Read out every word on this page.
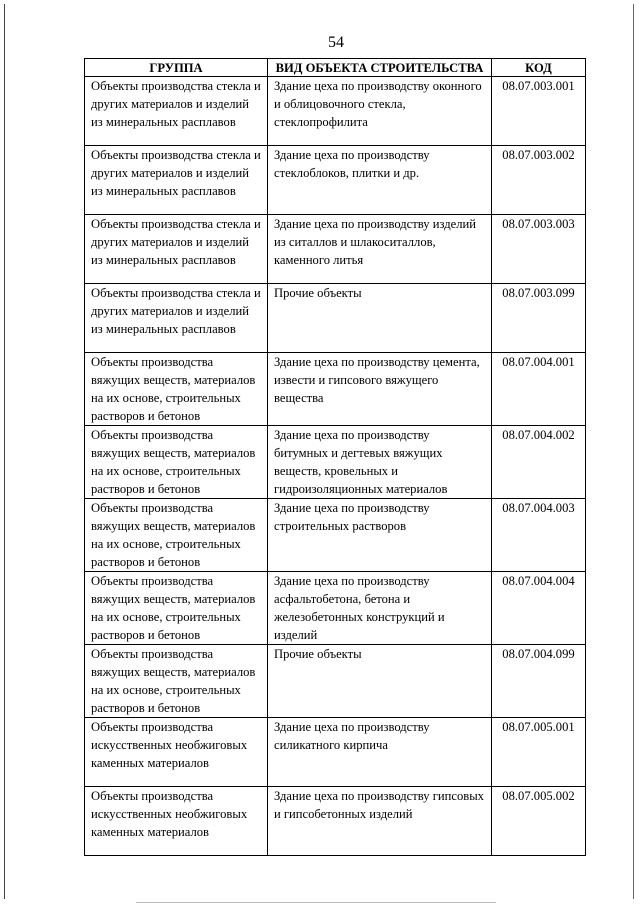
54
ГРУППА	ВИД ОБЪЕКТА СТРОИТЕЛЬСТВА	КОД
Объекты производства стекла и других материалов и изделий из минеральных расплавов	Здание цеха по производству оконного и облицовочного стекла, стеклопрофилита	08.07.003.001
Объекты производства стекла и других материалов и изделий из минеральных расплавов	Здание цеха по производству стеклоблоков, плитки и др.	08.07.003.002
Объекты производства стекла и других материалов и изделий из минеральных расплавов	Здание цеха по производству изделий из ситаллов и шлакоситаллов, каменного литья	08.07.003.003
Объекты производства стекла и других материалов и изделий из минеральных расплавов	Прочие объекты	08.07.003.099
Объекты производства вяжущих веществ, материалов на их основе, строительных растворов и бетонов	Здание цеха по производству цемента, извести и гипсового вяжущего вещества	08.07.004.001
Объекты производства вяжущих веществ, материалов на их основе, строительных растворов и бетонов	Здание цеха по производству битумных и дегтевых вяжущих веществ, кровельных и гидроизоляционных материалов	08.07.004.002
Объекты производства вяжущих веществ, материалов на их основе, строительных растворов и бетонов	Здание цеха по производству строительных растворов	08.07.004.003
Объекты производства вяжущих веществ, материалов на их основе, строительных растворов и бетонов	Здание цеха по производству асфальтобетона, бетона и железобетонных конструкций и изделий	08.07.004.004
Объекты производства вяжущих веществ, материалов на их основе, строительных растворов и бетонов	Прочие объекты	08.07.004.099
Объекты производства искусственных необжиговых каменных материалов	Здание цеха по производству силикатного кирпича	08.07.005.001
Объекты производства искусственных необжиговых каменных материалов	Здание цеха по производству гипсовых и гипсобетонных изделий	08.07.005.002
